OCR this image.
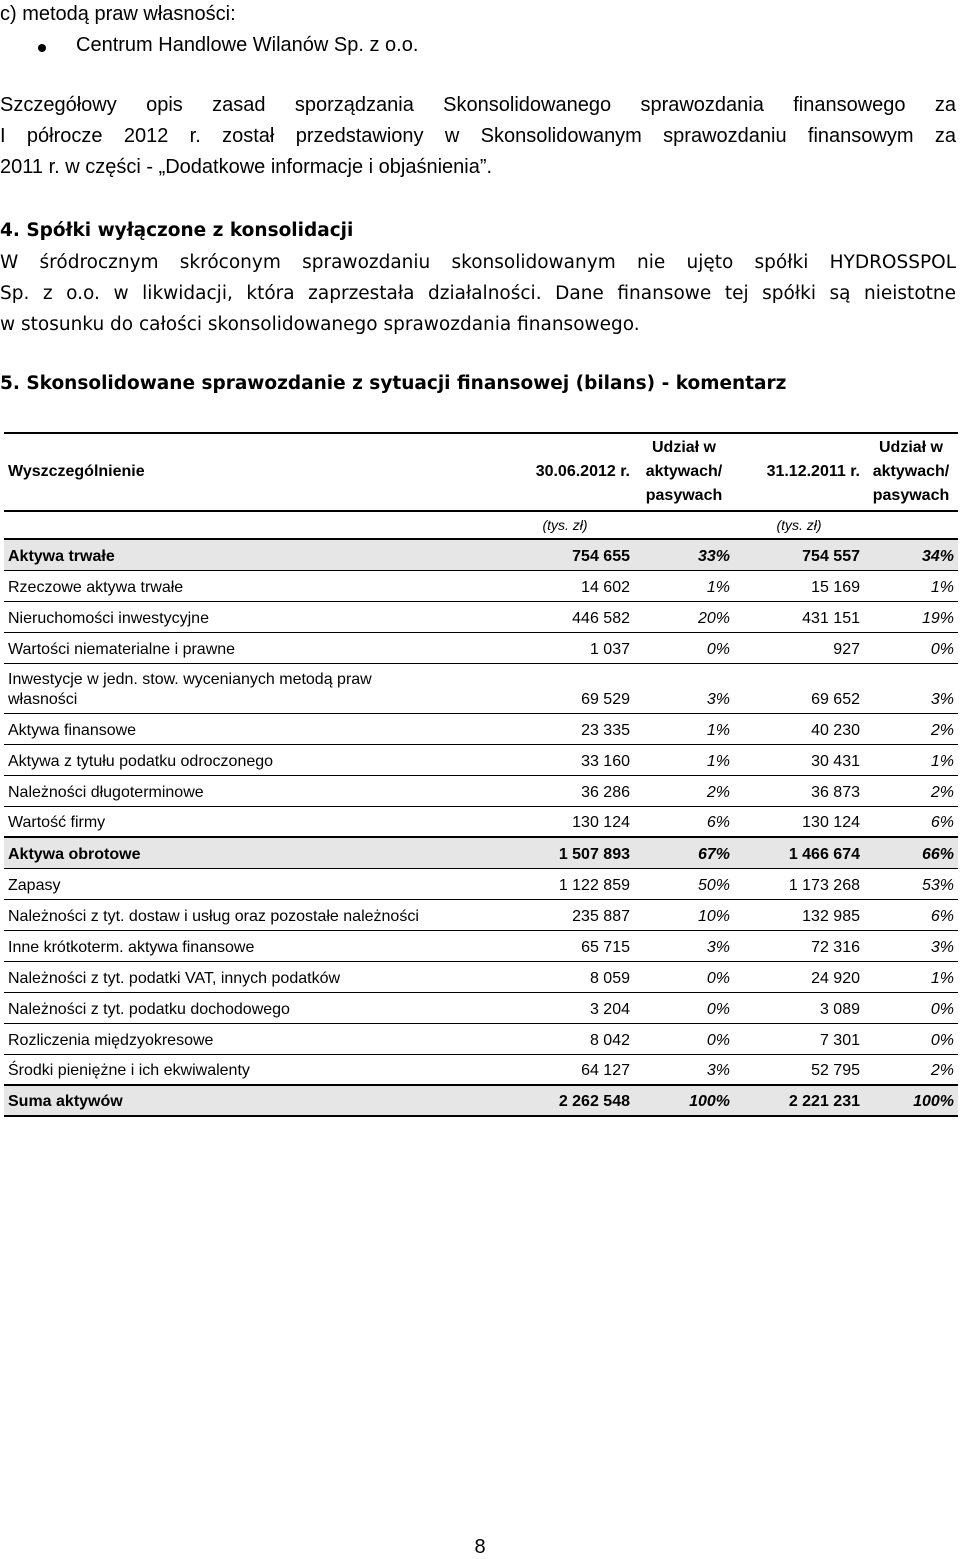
c) metodą praw własności:

Centrum Handlowe Wilanów Sp. z o.o.

Szczegółowy opis zasad sporządzania Skonsolidowanego sprawozdania finansowego za

I półrocze 2012 r. został przedstawiony w Skonsolidowanym sprawozdaniu finansowym za

2011 r. w części - „Dodatkowe informacje i objaśnienia”.

4. Spółki wyłączone z konsolidacji

W śródrocznym skróconym sprawozdaniu skonsolidowanym nie ujęto spółki HYDROSSPOL

Sp. z o.o. w likwidacji, która zaprzestała działalności. Dane finansowe tej spółki są nieistotne

w stosunku do całości skonsolidowanego sprawozdania finansowego.

5. Skonsolidowane sprawozdanie z sytuacji finansowej (bilans) - komentarz

Wyszczególnienie	30.06.2012 r.	Udział w aktywach/ pasywach	31.12.2011 r.	Udział w aktywach/ pasywach
	(tys. zł)		(tys. zł)	
Aktywa trwałe	754 655	33%	754 557	34%
Rzeczowe aktywa trwałe	14 602	1%	15 169	1%
Nieruchomości inwestycyjne	446 582	20%	431 151	19%
Wartości niematerialne i prawne	1 037	0%	927	0%
Inwestycje w jedn. stow. wycenianych metodą praw własności	69 529	3%	69 652	3%
Aktywa finansowe	23 335	1%	40 230	2%
Aktywa z tytułu podatku odroczonego	33 160	1%	30 431	1%
Należności długoterminowe	36 286	2%	36 873	2%
Wartość firmy	130 124	6%	130 124	6%
Aktywa obrotowe	1 507 893	67%	1 466 674	66%
Zapasy	1 122 859	50%	1 173 268	53%
Należności z tyt. dostaw i usług oraz pozostałe należności	235 887	10%	132 985	6%
Inne krótkoterm. aktywa finansowe	65 715	3%	72 316	3%
Należności z tyt. podatki VAT, innych podatków	8 059	0%	24 920	1%
Należności z tyt. podatku dochodowego	3 204	0%	3 089	0%
Rozliczenia międzyokresowe	8 042	0%	7 301	0%
Środki pieniężne i ich ekwiwalenty	64 127	3%	52 795	2%
Suma aktywów	2 262 548	100%	2 221 231	100%
8
